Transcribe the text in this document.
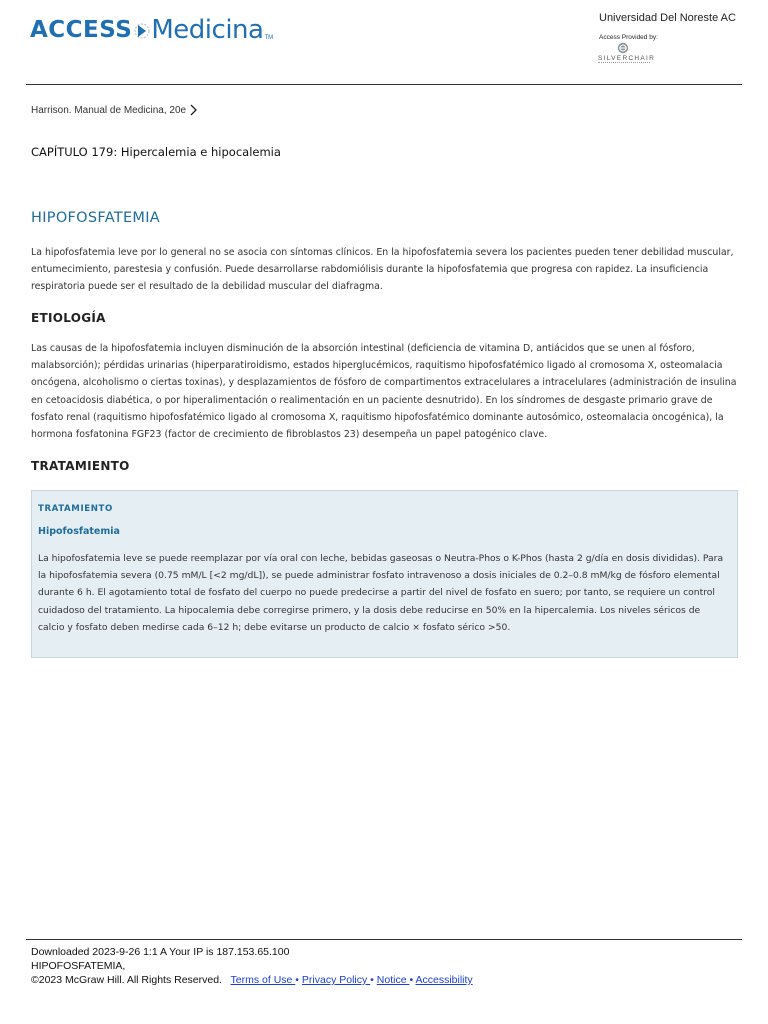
ACCESS Medicina TM
Universidad Del Noreste AC
Access Provided by:
SILVERCHAIR
Harrison. Manual de Medicina, 20e
CAPÍTULO 179: Hipercalemia e hipocalemia
HIPOFOSFATEMIA
La hipofosfatemia leve por lo general no se asocia con síntomas clínicos. En la hipofosfatemia severa los pacientes pueden tener debilidad muscular, entumecimiento, parestesia y confusión. Puede desarrollarse rabdomiólisis durante la hipofosfatemia que progresa con rapidez. La insuficiencia respiratoria puede ser el resultado de la debilidad muscular del diafragma.
ETIOLOGÍA
Las causas de la hipofosfatemia incluyen disminución de la absorción intestinal (deficiencia de vitamina D, antiácidos que se unen al fósforo, malabsorción); pérdidas urinarias (hiperparatiroidismo, estados hiperglucémicos, raquitismo hipofosfatémico ligado al cromosoma X, osteomalacia oncógena, alcoholismo o ciertas toxinas), y desplazamientos de fósforo de compartimentos extracelulares a intracelulares (administración de insulina en cetoacidosis diabética, o por hiperalimentación o realimentación en un paciente desnutrido). En los síndromes de desgaste primario grave de fosfato renal (raquitismo hipofosfatémico ligado al cromosoma X, raquitismo hipofosfatémico dominante autosómico, osteomalacia oncogénica), la hormona fosfatonina FGF23 (factor de crecimiento de fibroblastos 23) desempeña un papel patogénico clave.
TRATAMIENTO
TRATAMIENTO
Hipofosfatemia
La hipofosfatemia leve se puede reemplazar por vía oral con leche, bebidas gaseosas o Neutra-Phos o K-Phos (hasta 2 g/día en dosis divididas). Para la hipofosfatemia severa (0.75 mM/L [<2 mg/dL]), se puede administrar fosfato intravenoso a dosis iniciales de 0.2–0.8 mM/kg de fósforo elemental durante 6 h. El agotamiento total de fosfato del cuerpo no puede predecirse a partir del nivel de fosfato en suero; por tanto, se requiere un control cuidadoso del tratamiento. La hipocalemia debe corregirse primero, y la dosis debe reducirse en 50% en la hipercalemia. Los niveles séricos de calcio y fosfato deben medirse cada 6–12 h; debe evitarse un producto de calcio × fosfato sérico >50.
Downloaded 2023-9-26 1:1 A Your IP is 187.153.65.100
HIPOFOSFATEMIA,
©2023 McGraw Hill. All Rights Reserved. Terms of Use • Privacy Policy • Notice • Accessibility
